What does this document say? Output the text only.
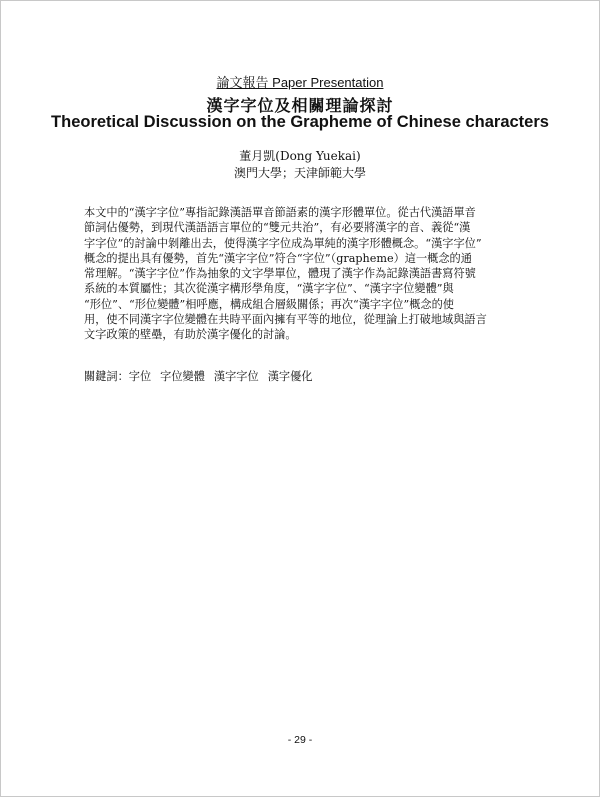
論文報告 Paper Presentation
漢字字位及相關理論探討
Theoretical Discussion on the Grapheme of Chinese characters
董月凱(Dong Yuekai)
澳門大學；天津師範大學
本文中的“漢字字位”專指記錄漢語單音節語素的漢字形體單位。從古代漢語單音
節詞佔優勢，到現代漢語語言單位的“雙元共治”，有必要將漢字的音、義從“漢
字字位”的討論中剝離出去，使得漢字字位成為單純的漢字形體概念。“漢字字位”
概念的提出具有優勢，首先“漢字字位”符合“字位”（grapheme）這一概念的通
常理解。“漢字字位”作為抽象的文字學單位，體現了漢字作為記錄漢語書寫符號
系統的本質屬性；其次從漢字構形學角度，“漢字字位”、“漢字字位變體”與
“形位”、“形位變體”相呼應，構成組合層級關係；再次“漢字字位”概念的使
用，使不同漢字字位變體在共時平面內擁有平等的地位，從理論上打破地域與語言
文字政策的壁壘，有助於漢字優化的討論。
關鍵詞：字位 字位變體 漢字字位 漢字優化
- 29 -
